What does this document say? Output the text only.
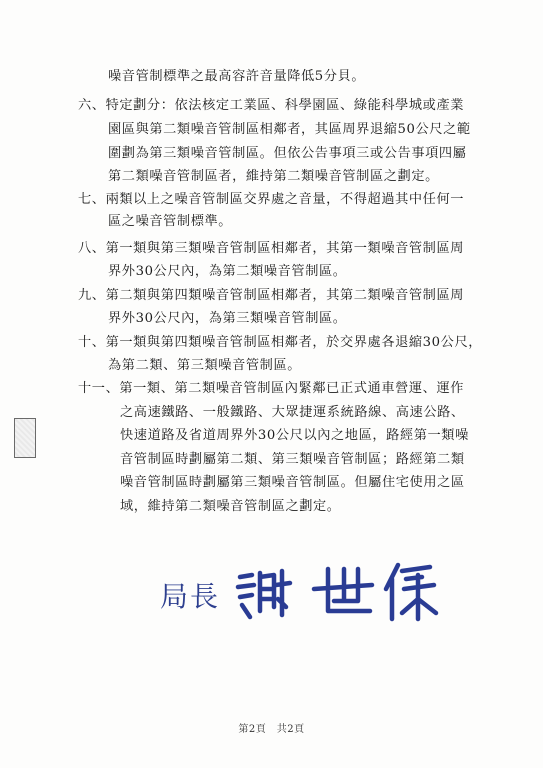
噪音管制標準之最高容許音量降低5分貝。
六、特定劃分：依法核定工業區、科學園區、綠能科學城或產業
園區與第二類噪音管制區相鄰者，其區周界退縮50公尺之範
圍劃為第三類噪音管制區。但依公告事項三或公告事項四屬
第二類噪音管制區者，維持第二類噪音管制區之劃定。
七、兩類以上之噪音管制區交界處之音量，不得超過其中任何一
區之噪音管制標準。
八、第一類與第三類噪音管制區相鄰者，其第一類噪音管制區周
界外30公尺內，為第二類噪音管制區。
九、第二類與第四類噪音管制區相鄰者，其第二類噪音管制區周
界外30公尺內，為第三類噪音管制區。
十、第一類與第四類噪音管制區相鄰者，於交界處各退縮30公尺，
為第二類、第三類噪音管制區。
十一、第一類、第二類噪音管制區內緊鄰已正式通車營運、運作
之高速鐵路、一般鐵路、大眾捷運系統路線、高速公路、
快速道路及省道周界外30公尺以內之地區，路經第一類噪
音管制區時劃屬第二類、第三類噪音管制區；路經第二類
噪音管制區時劃屬第三類噪音管制區。但屬住宅使用之區
域，維持第二類噪音管制區之劃定。
局長
第2頁　共2頁
